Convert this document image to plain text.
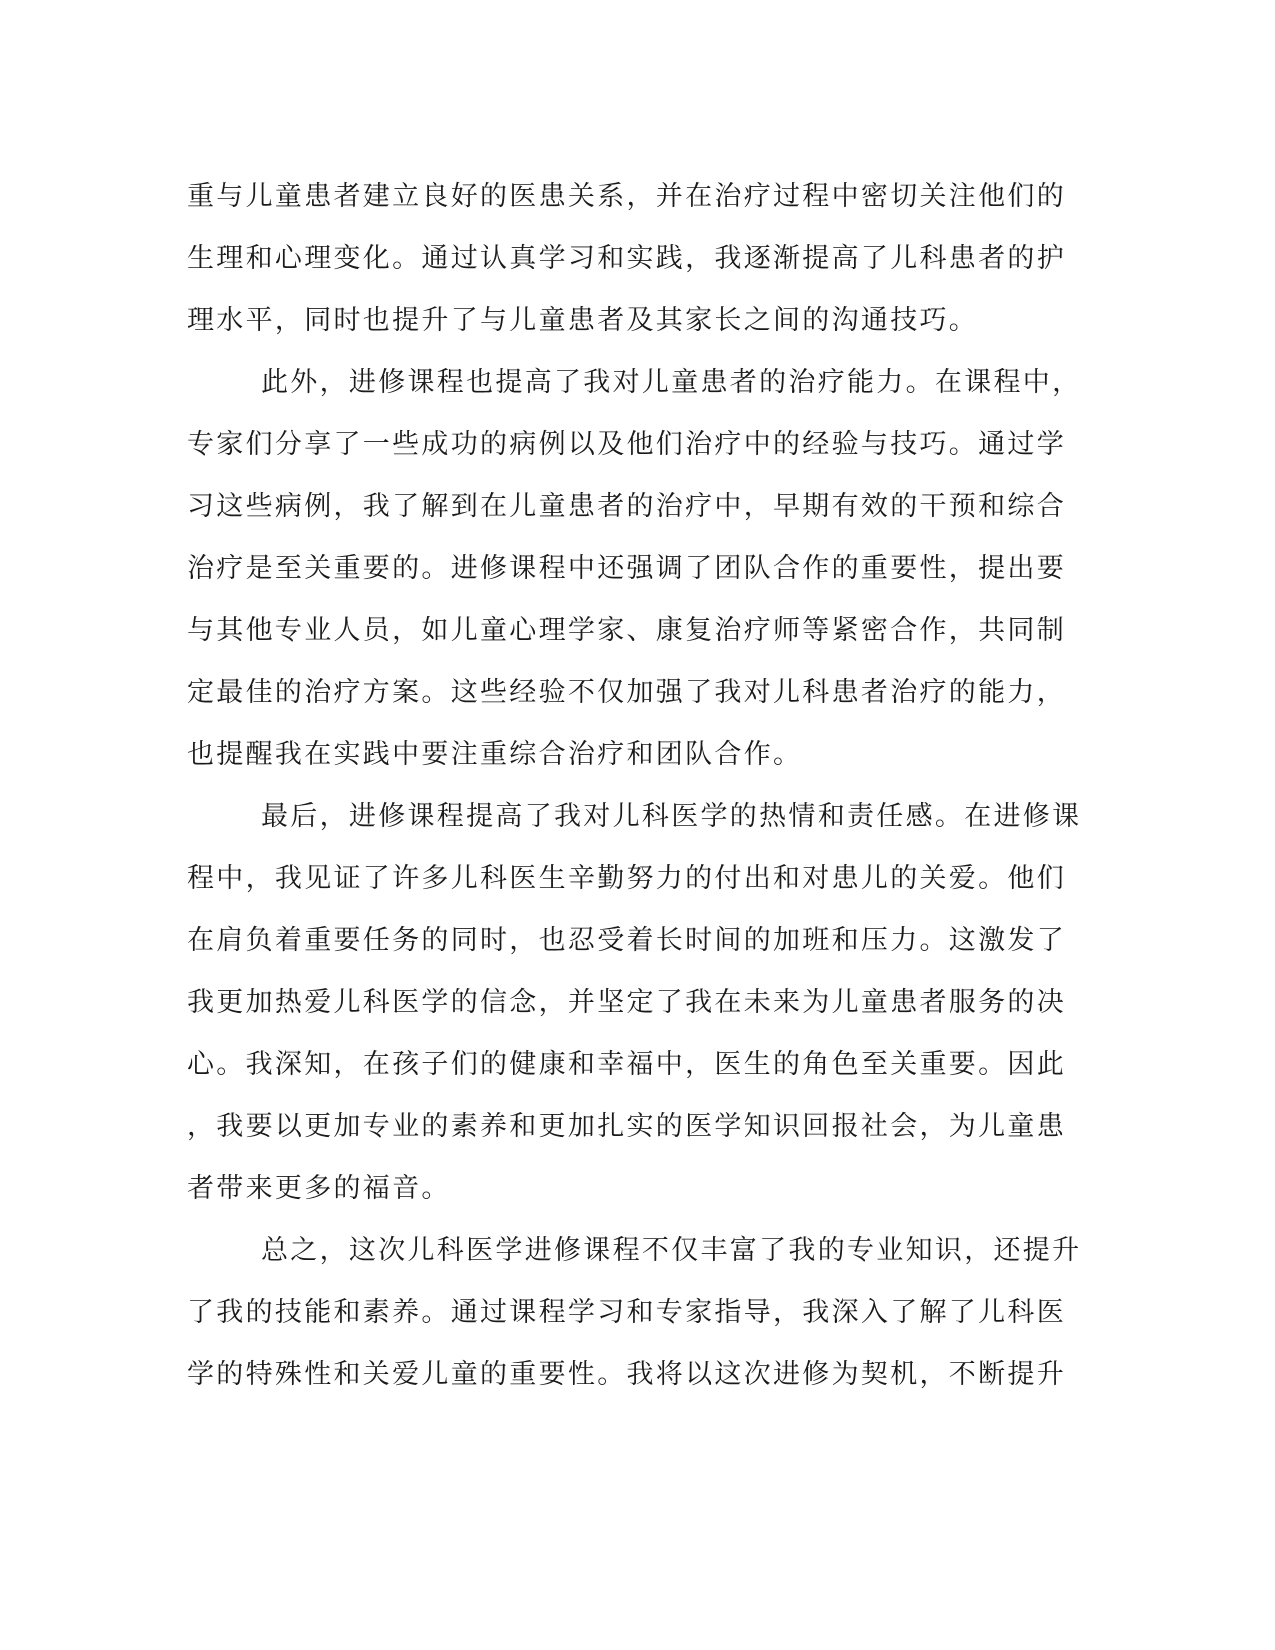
重与儿童患者建立良好的医患关系，并在治疗过程中密切关注他们的
生理和心理变化。通过认真学习和实践，我逐渐提高了儿科患者的护
理水平，同时也提升了与儿童患者及其家长之间的沟通技巧。
此外，进修课程也提高了我对儿童患者的治疗能力。在课程中，
专家们分享了一些成功的病例以及他们治疗中的经验与技巧。通过学
习这些病例，我了解到在儿童患者的治疗中，早期有效的干预和综合
治疗是至关重要的。进修课程中还强调了团队合作的重要性，提出要
与其他专业人员，如儿童心理学家、康复治疗师等紧密合作，共同制
定最佳的治疗方案。这些经验不仅加强了我对儿科患者治疗的能力，
也提醒我在实践中要注重综合治疗和团队合作。
最后，进修课程提高了我对儿科医学的热情和责任感。在进修课
程中，我见证了许多儿科医生辛勤努力的付出和对患儿的关爱。他们
在肩负着重要任务的同时，也忍受着长时间的加班和压力。这激发了
我更加热爱儿科医学的信念，并坚定了我在未来为儿童患者服务的决
心。我深知，在孩子们的健康和幸福中，医生的角色至关重要。因此
，我要以更加专业的素养和更加扎实的医学知识回报社会，为儿童患
者带来更多的福音。
总之，这次儿科医学进修课程不仅丰富了我的专业知识，还提升
了我的技能和素养。通过课程学习和专家指导，我深入了解了儿科医
学的特殊性和关爱儿童的重要性。我将以这次进修为契机，不断提升
